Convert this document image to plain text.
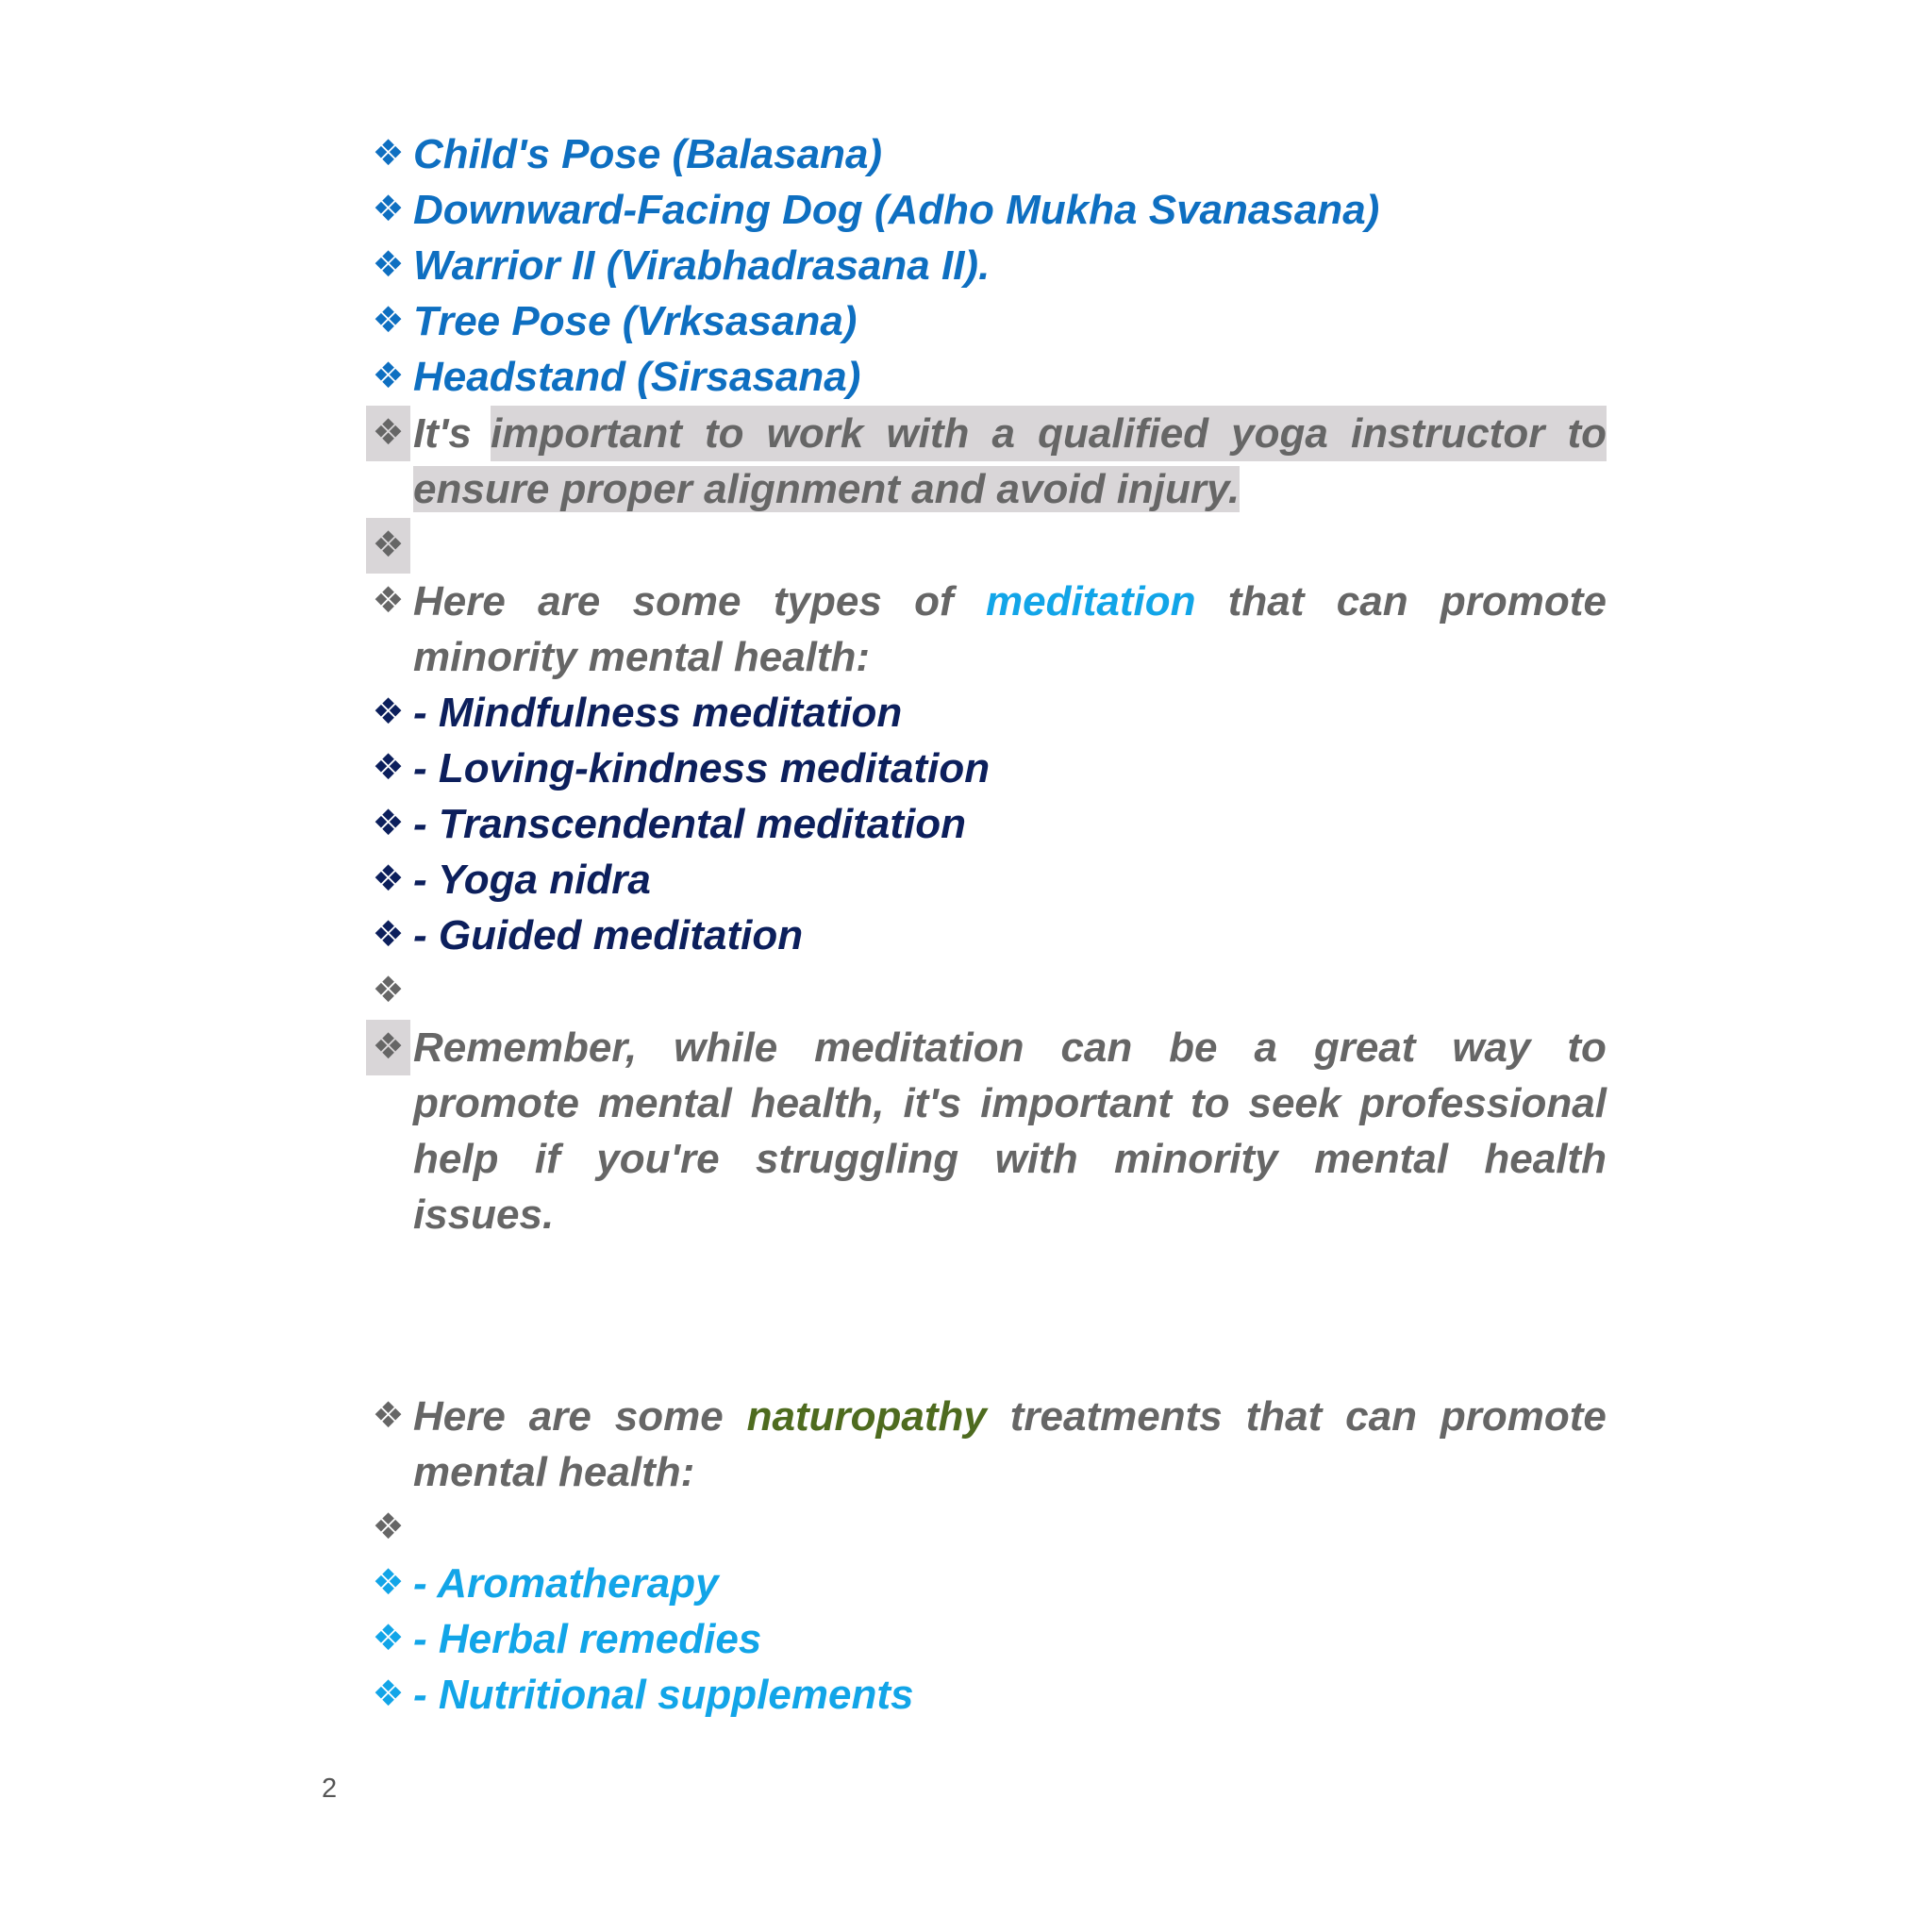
❖ Child's Pose (Balasana)
❖ Downward-Facing Dog (Adho Mukha Svanasana)
❖ Warrior II (Virabhadrasana II).
❖ Tree Pose (Vrksasana)
❖ Headstand (Sirsasana)
❖ It's important to work with a qualified yoga instructor to
ensure proper alignment and avoid injury.
❖
❖ Here are some types of meditation that can promote
minority mental health:
❖ - Mindfulness meditation
❖ - Loving-kindness meditation
❖ - Transcendental meditation
❖ - Yoga nidra
❖ - Guided meditation
❖
❖ Remember, while meditation can be a great way to
promote mental health, it's important to seek professional
help if you're struggling with minority mental health
issues.
❖ Here are some naturopathy treatments that can promote
mental health:
❖
❖ - Aromatherapy
❖ - Herbal remedies
❖ - Nutritional supplements
2
